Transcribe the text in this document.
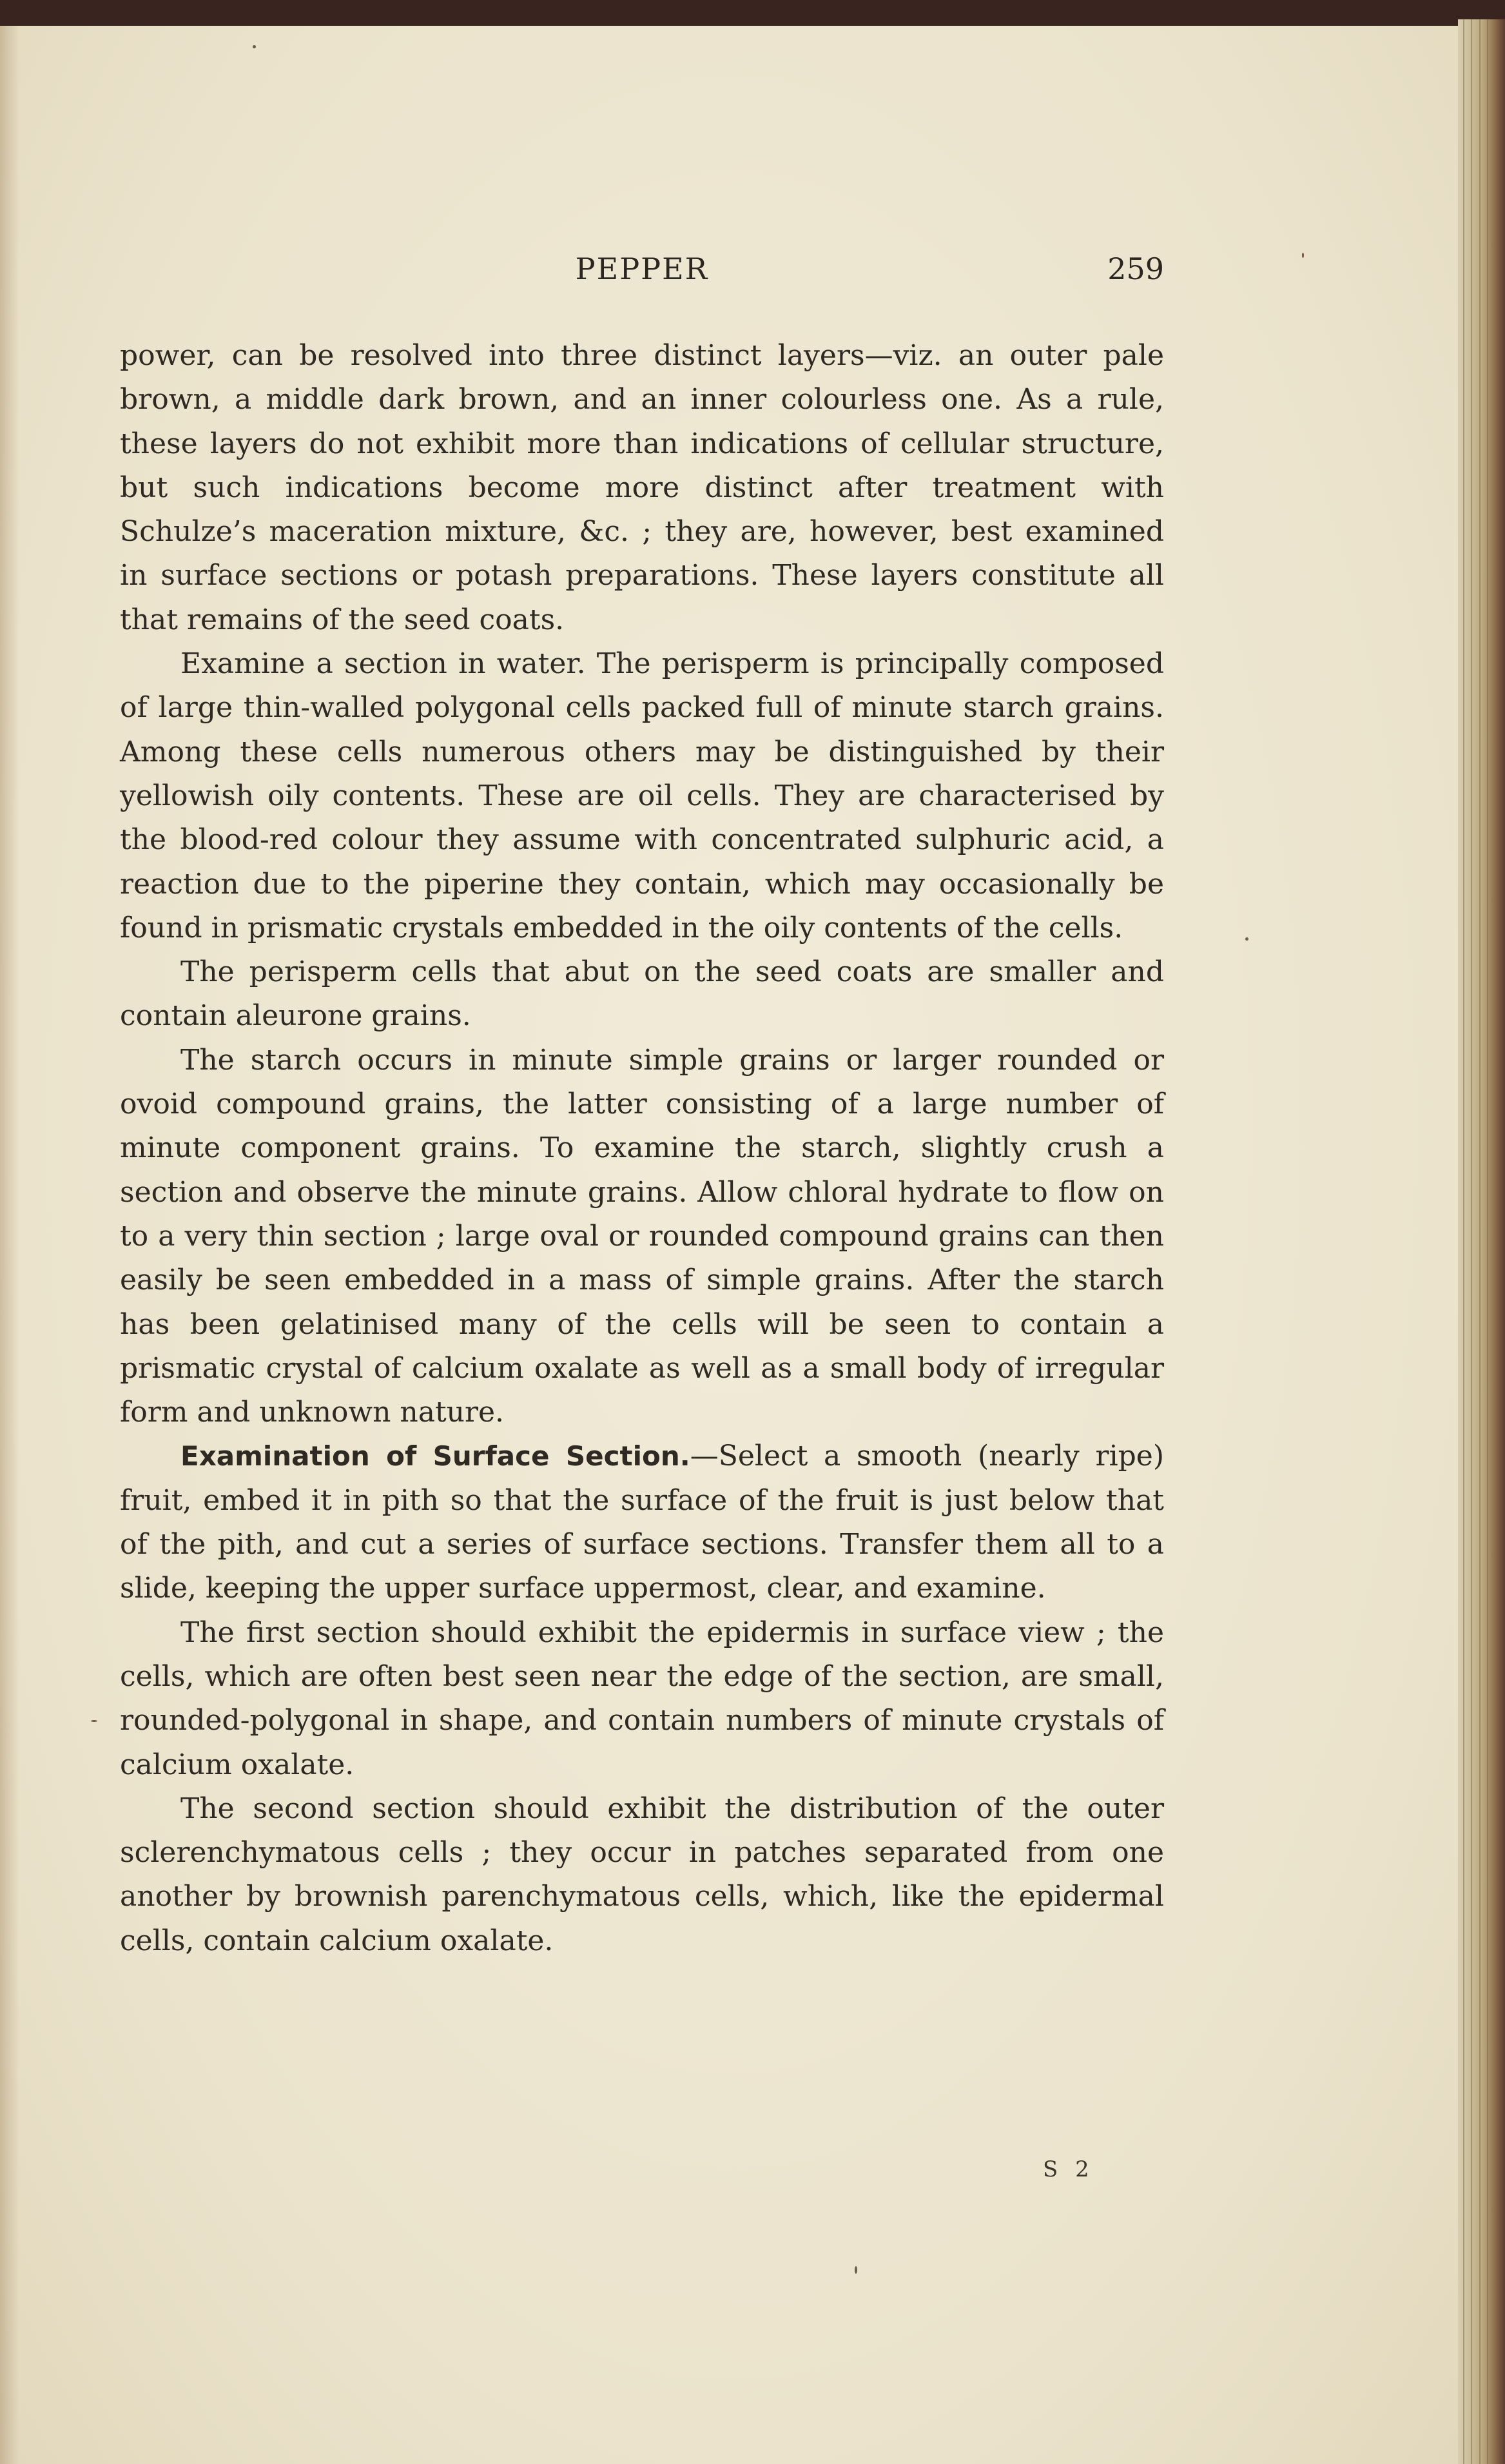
PEPPER	259

power, can be resolved into three distinct layers—viz. an outer pale brown, a middle dark brown, and an inner colourless one. As a rule, these layers do not exhibit more than indications of cellular structure, but such indications become more distinct after treatment with Schulze’s maceration mixture, &c. ; they are, however, best examined in surface sections or potash preparations. These layers constitute all that remains of the seed coats.

Examine a section in water. The perisperm is principally composed of large thin-walled polygonal cells packed full of minute starch grains. Among these cells numerous others may be distinguished by their yellowish oily contents. These are oil cells. They are characterised by the blood-red colour they assume with concentrated sulphuric acid, a reaction due to the piperine they contain, which may occasionally be found in prismatic crystals embedded in the oily contents of the cells.

The perisperm cells that abut on the seed coats are smaller and contain aleurone grains.

The starch occurs in minute simple grains or larger rounded or ovoid compound grains, the latter consisting of a large number of minute component grains. To examine the starch, slightly crush a section and observe the minute grains. Allow chloral hydrate to flow on to a very thin section ; large oval or rounded compound grains can then easily be seen embedded in a mass of simple grains. After the starch has been gelatinised many of the cells will be seen to contain a prismatic crystal of calcium oxalate as well as a small body of irregular form and unknown nature.

Examination of Surface Section.—Select a smooth (nearly ripe) fruit, embed it in pith so that the surface of the fruit is just below that of the pith, and cut a series of surface sections. Transfer them all to a slide, keeping the upper surface uppermost, clear, and examine.

The first section should exhibit the epidermis in surface view ; the cells, which are often best seen near the edge of the section, are small, rounded-polygonal in shape, and contain numbers of minute crystals of calcium oxalate.

The second section should exhibit the distribution of the outer sclerenchymatous cells ; they occur in patches separated from one another by brownish parenchymatous cells, which, like the epidermal cells, contain calcium oxalate.

S 2
